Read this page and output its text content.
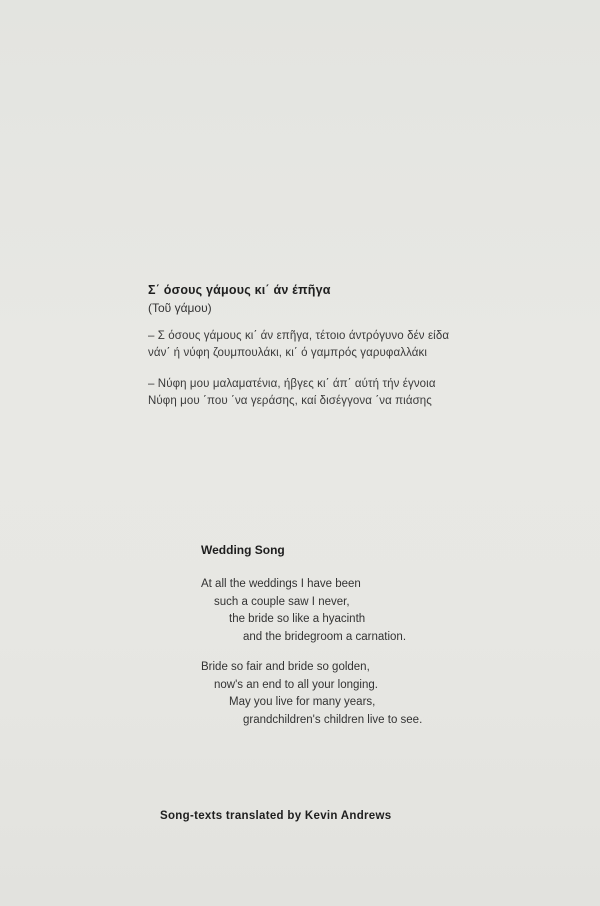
Σ΄ όσους γάμους κι΄ άν έπῆγα

(Τοῦ γάμου)

– Σ όσους γάμους κι΄ άν επῆγα, τέτοιο άντρόγυνο δέν είδα
νάν΄ ή νύφη ζουμπουλάκι, κι΄ ό γαμπρός γαρυφαλλάκι
– Νύφη μου μαλαματένια, ήβγες κι΄ άπ΄ αύτή τήν έγνοια
Νύφη μου ΄που ΄να γεράσης, καί δισέγγονα ΄να πιάσης

Wedding Song

At all the weddings I have been
such a couple saw I never,
the bride so like a hyacinth
and the bridegroom a carnation.
Bride so fair and bride so golden,
now's an end to all your longing.
May you live for many years,
grandchildren's children live to see.
Song-texts translated by Kevin Andrews
